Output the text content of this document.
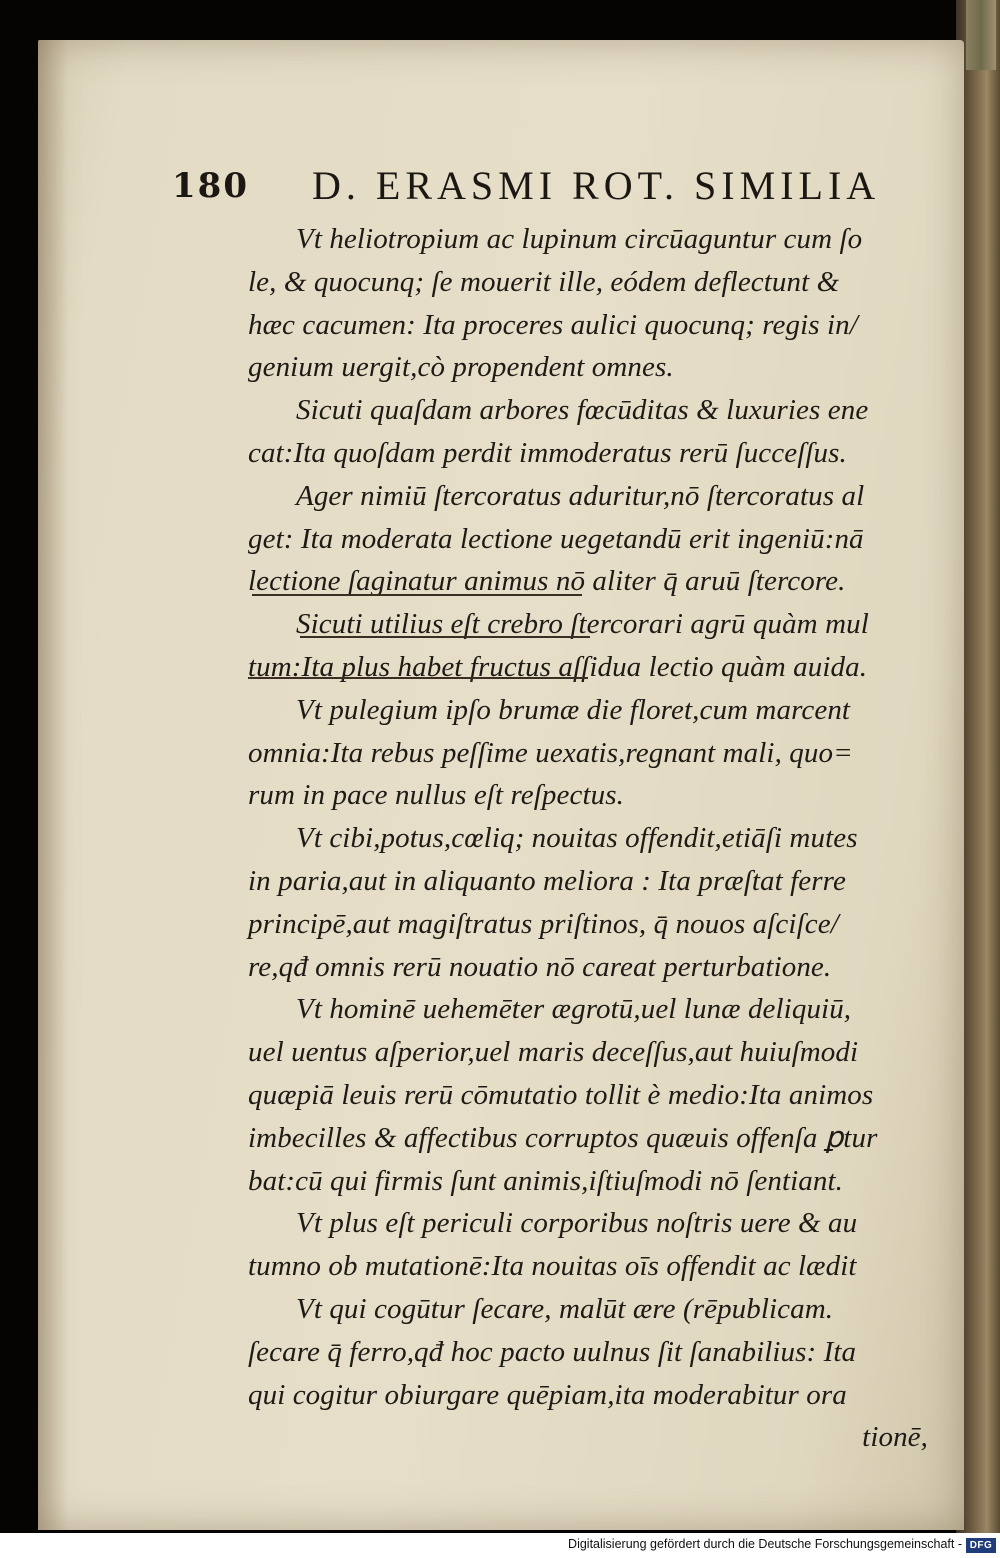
180 D. ERASMI ROT. SIMILIA
Vt heliotropium ac lupinum circūaguntur cum ſo
le, & quocunq; ſe mouerit ille, eódem deflectunt &
hæc cacumen: Ita proceres aulici quocunq; regis in/
genium uergit,cò propendent omnes.
Sicuti quaſdam arbores fœcūditas & luxuries ene
cat:Ita quoſdam perdit immoderatus rerū ſucceſſus.
Ager nimiū ſtercoratus aduritur,nō ſtercoratus al
get: Ita moderata lectione uegetandū erit ingeniū:nā
lectione ſaginatur animus nō aliter q̄ aruū ſtercore.
Sicuti utilius eſt crebro ſtercorari agrū quàm mul
tum:Ita plus habet fructus aſſidua lectio quàm auida.
Vt pulegium ipſo brumæ die floret,cum marcent
omnia:Ita rebus peſſime uexatis,regnant mali, quo=
rum in pace nullus eſt reſpectus.
Vt cibi,potus,cœliq; nouitas offendit,etiāſi mutes
in paria,aut in aliquanto meliora : Ita præſtat ferre
principē,aut magiſtratus priſtinos, q̄ nouos aſciſce/
re,qđ omnis rerū nouatio nō careat perturbatione.
Vt hominē uehemēter ægrotū,uel lunæ deliquiū,
uel uentus aſperior,uel maris deceſſus,aut huiuſmodi
quæpiā leuis rerū cōmutatio tollit è medio:Ita animos
imbecilles & affectibus corruptos quæuis offenſa ꝑtur
bat:cū qui firmis ſunt animis,iſtiuſmodi nō ſentiant.
Vt plus eſt periculi corporibus noſtris uere & au
tumno ob mutationē:Ita nouitas oīs offendit ac lædit
Vt qui cogūtur ſecare, malūt ære (rēpublicam.
ſecare q̄ ferro,qđ hoc pacto uulnus ſit ſanabilius: Ita
qui cogitur obiurgare quēpiam,ita moderabitur ora
tionē,
Digitalisierung gefördert durch die Deutsche Forschungsgemeinschaft - DFG
